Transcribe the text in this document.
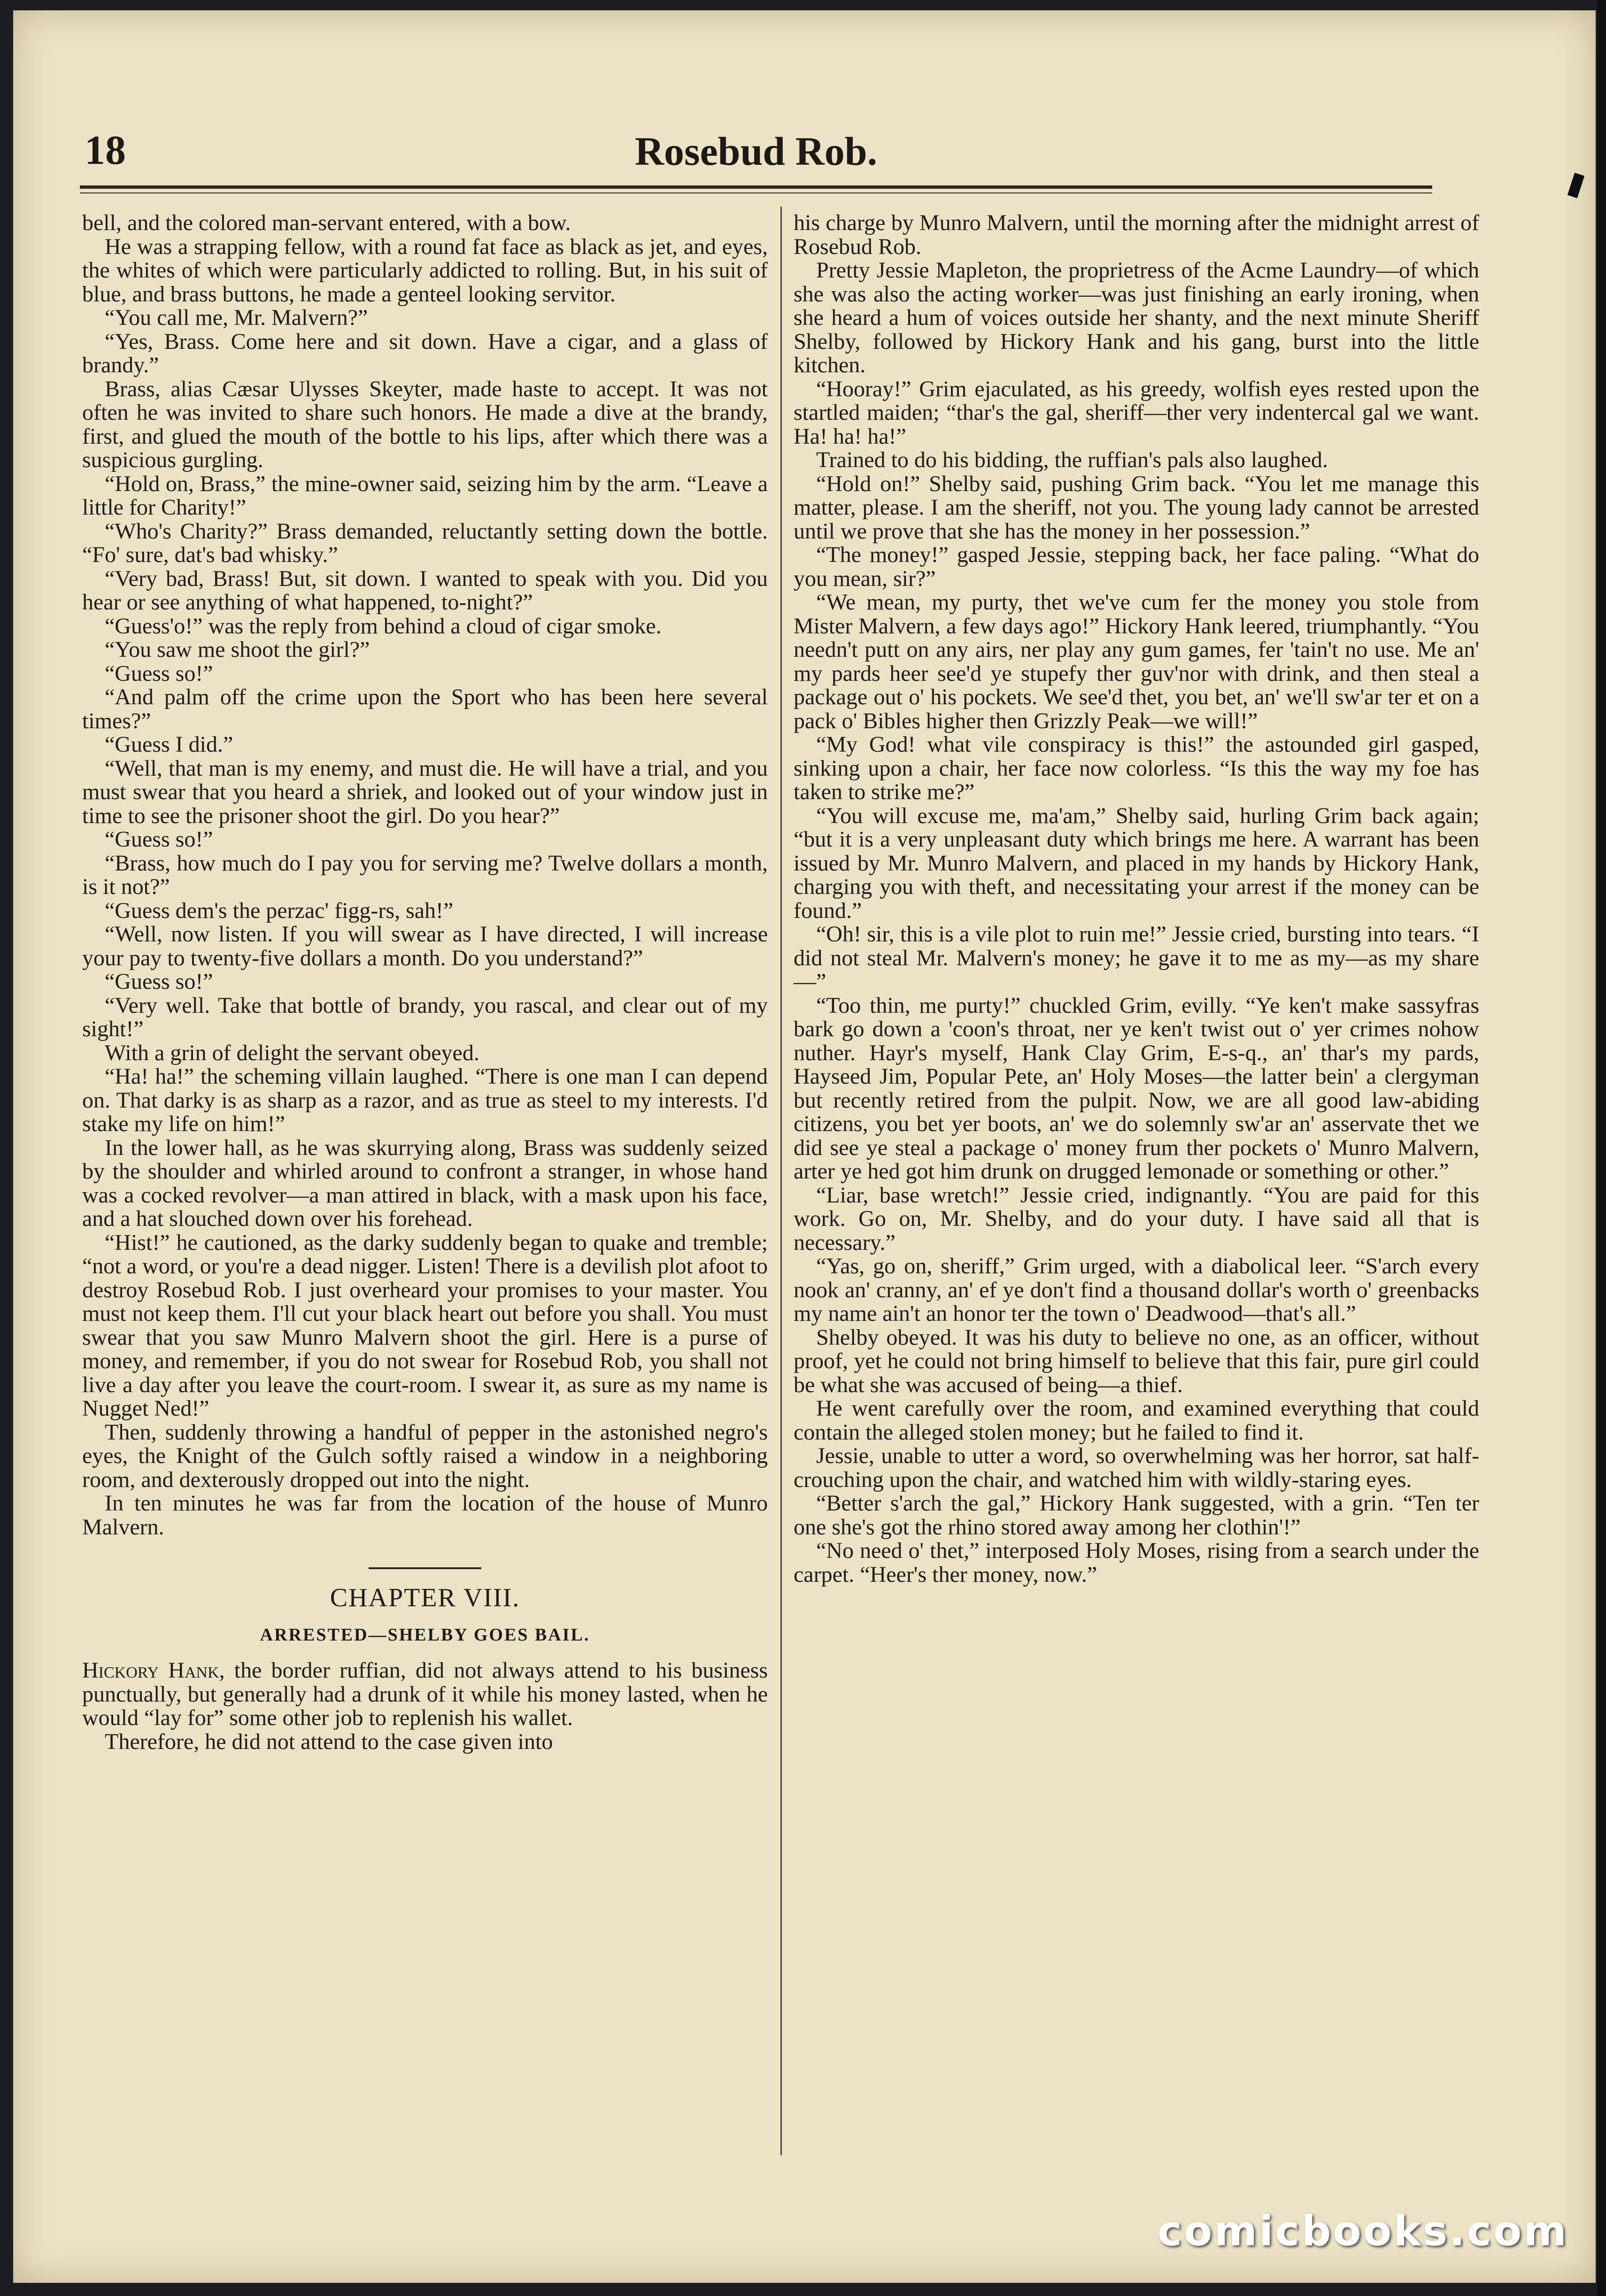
18	Rosebud Rob.

bell, and the colored man-servant entered, with a bow.

He was a strapping fellow, with a round fat face as black as jet, and eyes, the whites of which were particularly addicted to rolling. But, in his suit of blue, and brass buttons, he made a genteel looking servitor.

“You call me, Mr. Malvern?”

“Yes, Brass. Come here and sit down. Have a cigar, and a glass of brandy.”

Brass, alias Cæsar Ulysses Skeyter, made haste to accept. It was not often he was invited to share such honors. He made a dive at the brandy, first, and glued the mouth of the bottle to his lips, after which there was a suspicious gurgling.

“Hold on, Brass,” the mine-owner said, seizing him by the arm. “Leave a little for Charity!”

“Who's Charity?” Brass demanded, reluctantly setting down the bottle. “Fo' sure, dat's bad whisky.”

“Very bad, Brass! But, sit down. I wanted to speak with you. Did you hear or see anything of what happened, to-night?”

“Guess'o!” was the reply from behind a cloud of cigar smoke.

“You saw me shoot the girl?”

“Guess so!”

“And palm off the crime upon the Sport who has been here several times?”

“Guess I did.”

“Well, that man is my enemy, and must die. He will have a trial, and you must swear that you heard a shriek, and looked out of your window just in time to see the prisoner shoot the girl. Do you hear?”

“Guess so!”

“Brass, how much do I pay you for serving me? Twelve dollars a month, is it not?”

“Guess dem's the perzac' figg-rs, sah!”

“Well, now listen. If you will swear as I have directed, I will increase your pay to twenty-five dollars a month. Do you understand?”

“Guess so!”

“Very well. Take that bottle of brandy, you rascal, and clear out of my sight!”

With a grin of delight the servant obeyed.

“Ha! ha!” the scheming villain laughed. “There is one man I can depend on. That darky is as sharp as a razor, and as true as steel to my interests. I'd stake my life on him!”

In the lower hall, as he was skurrying along, Brass was suddenly seized by the shoulder and whirled around to confront a stranger, in whose hand was a cocked revolver—a man attired in black, with a mask upon his face, and a hat slouched down over his forehead.

“Hist!” he cautioned, as the darky suddenly began to quake and tremble; “not a word, or you're a dead nigger. Listen! There is a devilish plot afoot to destroy Rosebud Rob. I just overheard your promises to your master. You must not keep them. I'll cut your black heart out before you shall. You must swear that you saw Munro Malvern shoot the girl. Here is a purse of money, and remember, if you do not swear for Rosebud Rob, you shall not live a day after you leave the court-room. I swear it, as sure as my name is Nugget Ned!”

Then, suddenly throwing a handful of pepper in the astonished negro's eyes, the Knight of the Gulch softly raised a window in a neighboring room, and dexterously dropped out into the night.

In ten minutes he was far from the location of the house of Munro Malvern.

CHAPTER VIII.
ARRESTED—SHELBY GOES BAIL.

Hickory Hank, the border ruffian, did not always attend to his business punctually, but generally had a drunk of it while his money lasted, when he would “lay for” some other job to replenish his wallet.

Therefore, he did not attend to the case given into

his charge by Munro Malvern, until the morning after the midnight arrest of Rosebud Rob.

Pretty Jessie Mapleton, the proprietress of the Acme Laundry—of which she was also the acting worker—was just finishing an early ironing, when she heard a hum of voices outside her shanty, and the next minute Sheriff Shelby, followed by Hickory Hank and his gang, burst into the little kitchen.

“Hooray!” Grim ejaculated, as his greedy, wolfish eyes rested upon the startled maiden; “thar's the gal, sheriff—ther very indentercal gal we want. Ha! ha! ha!”

Trained to do his bidding, the ruffian's pals also laughed.

“Hold on!” Shelby said, pushing Grim back. “You let me manage this matter, please. I am the sheriff, not you. The young lady cannot be arrested until we prove that she has the money in her possession.”

“The money!” gasped Jessie, stepping back, her face paling. “What do you mean, sir?”

“We mean, my purty, thet we've cum fer the money you stole from Mister Malvern, a few days ago!” Hickory Hank leered, triumphantly. “You needn't putt on any airs, ner play any gum games, fer 'tain't no use. Me an' my pards heer see'd ye stupefy ther guv'nor with drink, and then steal a package out o' his pockets. We see'd thet, you bet, an' we'll sw'ar ter et on a pack o' Bibles higher then Grizzly Peak—we will!”

“My God! what vile conspiracy is this!” the astounded girl gasped, sinking upon a chair, her face now colorless. “Is this the way my foe has taken to strike me?”

“You will excuse me, ma'am,” Shelby said, hurling Grim back again; “but it is a very unpleasant duty which brings me here. A warrant has been issued by Mr. Munro Malvern, and placed in my hands by Hickory Hank, charging you with theft, and necessitating your arrest if the money can be found.”

“Oh! sir, this is a vile plot to ruin me!” Jessie cried, bursting into tears. “I did not steal Mr. Malvern's money; he gave it to me as my—as my share—”

“Too thin, me purty!” chuckled Grim, evilly. “Ye ken't make sassyfras bark go down a 'coon's throat, ner ye ken't twist out o' yer crimes nohow nuther. Hayr's myself, Hank Clay Grim, E-s-q., an' thar's my pards, Hayseed Jim, Popular Pete, an' Holy Moses—the latter bein' a clergyman but recently retired from the pulpit. Now, we are all good law-abiding citizens, you bet yer boots, an' we do solemnly sw'ar an' asservate thet we did see ye steal a package o' money frum ther pockets o' Munro Malvern, arter ye hed got him drunk on drugged lemonade or something or other.”

“Liar, base wretch!” Jessie cried, indignantly. “You are paid for this work. Go on, Mr. Shelby, and do your duty. I have said all that is necessary.”

“Yas, go on, sheriff,” Grim urged, with a diabolical leer. “S'arch every nook an' cranny, an' ef ye don't find a thousand dollar's worth o' greenbacks my name ain't an honor ter the town o' Deadwood—that's all.”

Shelby obeyed. It was his duty to believe no one, as an officer, without proof, yet he could not bring himself to believe that this fair, pure girl could be what she was accused of being—a thief.

He went carefully over the room, and examined everything that could contain the alleged stolen money; but he failed to find it.

Jessie, unable to utter a word, so overwhelming was her horror, sat half-crouching upon the chair, and watched him with wildly-staring eyes.

“Better s'arch the gal,” Hickory Hank suggested, with a grin. “Ten ter one she's got the rhino stored away among her clothin'!”

“No need o' thet,” interposed Holy Moses, rising from a search under the carpet. “Heer's ther money, now.”

comicbooks.com
